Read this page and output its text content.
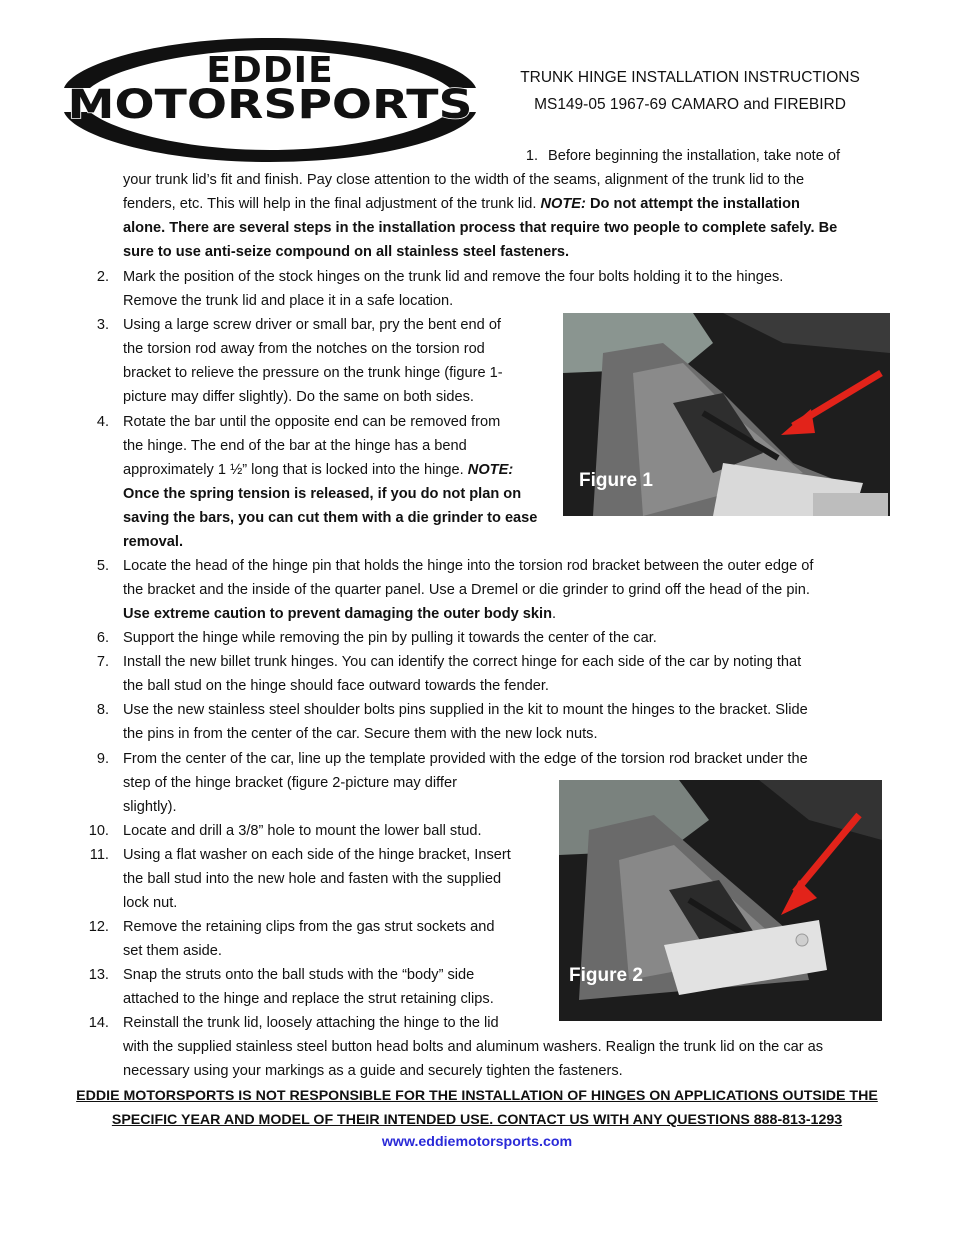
EDDIE
MOTORSPORTS
TRUNK HINGE INSTALLATION INSTRUCTIONS
MS149-05 1967-69 CAMARO and FIREBIRD
1. Before beginning the installation, take note of
your trunk lid’s fit and finish. Pay close attention to the width of the seams, alignment of the trunk lid to the
fenders, etc. This will help in the final adjustment of the trunk lid. NOTE: Do not attempt the installation
alone. There are several steps in the installation process that require two people to complete safely. Be
sure to use anti-seize compound on all stainless steel fasteners.
2. Mark the position of the stock hinges on the trunk lid and remove the four bolts holding it to the hinges.
Remove the trunk lid and place it in a safe location.
3. Using a large screw driver or small bar, pry the bent end of
the torsion rod away from the notches on the torsion rod
bracket to relieve the pressure on the trunk hinge (figure 1-
picture may differ slightly). Do the same on both sides.
4. Rotate the bar until the opposite end can be removed from
the hinge. The end of the bar at the hinge has a bend
approximately 1 ½” long that is locked into the hinge. NOTE:
Once the spring tension is released, if you do not plan on
saving the bars, you can cut them with a die grinder to ease
removal.
Figure 1
5. Locate the head of the hinge pin that holds the hinge into the torsion rod bracket between the outer edge of
the bracket and the inside of the quarter panel. Use a Dremel or die grinder to grind off the head of the pin.
Use extreme caution to prevent damaging the outer body skin.
6. Support the hinge while removing the pin by pulling it towards the center of the car.
7. Install the new billet trunk hinges. You can identify the correct hinge for each side of the car by noting that
the ball stud on the hinge should face outward towards the fender.
8. Use the new stainless steel shoulder bolts pins supplied in the kit to mount the hinges to the bracket. Slide
the pins in from the center of the car. Secure them with the new lock nuts.
9. From the center of the car, line up the template provided with the edge of the torsion rod bracket under the
step of the hinge bracket (figure 2-picture may differ
slightly).
10. Locate and drill a 3/8” hole to mount the lower ball stud.
11. Using a flat washer on each side of the hinge bracket, Insert
the ball stud into the new hole and fasten with the supplied
lock nut.
12. Remove the retaining clips from the gas strut sockets and
set them aside.
13. Snap the struts onto the ball studs with the “body” side
attached to the hinge and replace the strut retaining clips.
14. Reinstall the trunk lid, loosely attaching the hinge to the lid
with the supplied stainless steel button head bolts and aluminum washers. Realign the trunk lid on the car as
necessary using your markings as a guide and securely tighten the fasteners.
Figure 2
EDDIE MOTORSPORTS IS NOT RESPONSIBLE FOR THE INSTALLATION OF HINGES ON APPLICATIONS OUTSIDE THE
SPECIFIC YEAR AND MODEL OF THEIR INTENDED USE. CONTACT US WITH ANY QUESTIONS 888-813-1293
www.eddiemotorsports.com
